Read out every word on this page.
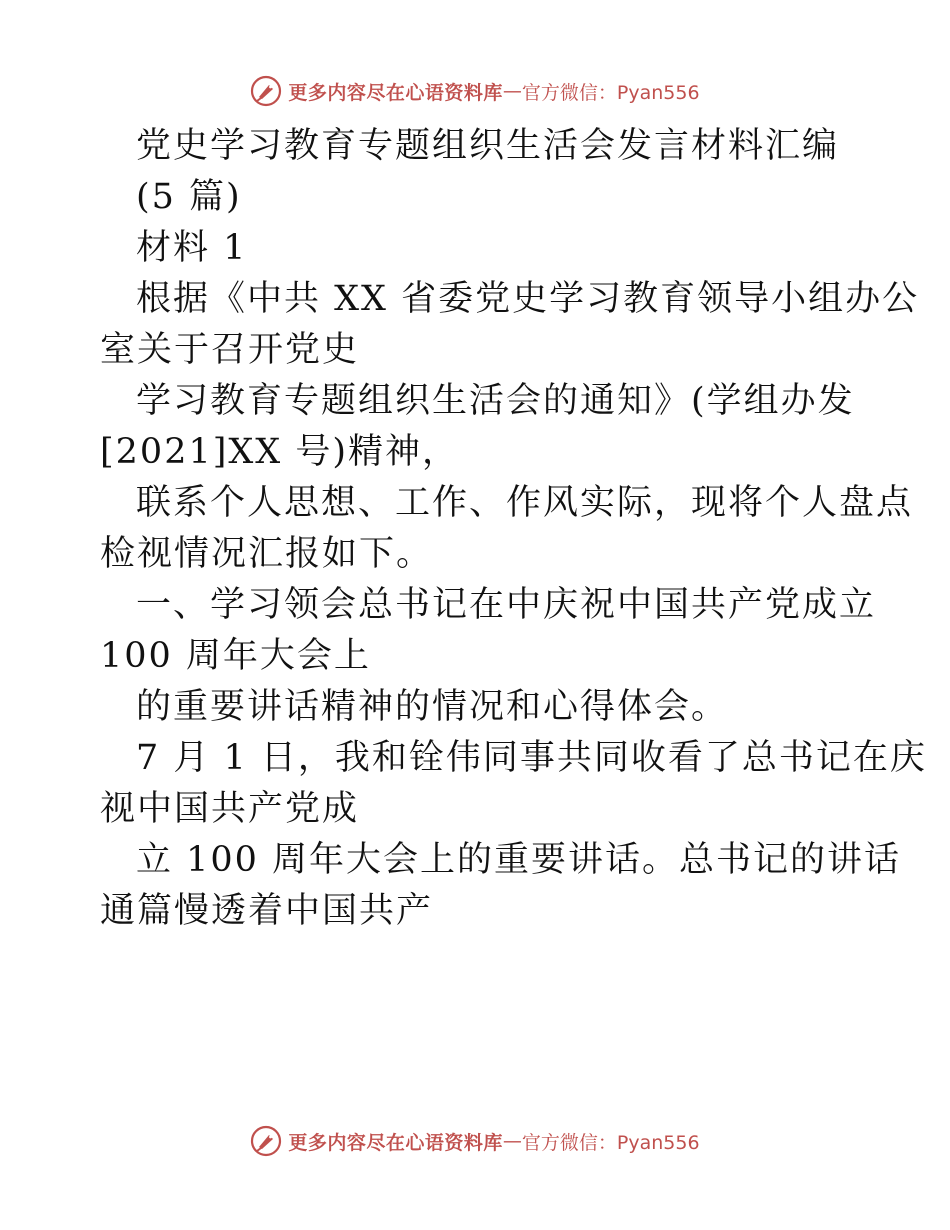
更多内容尽在心语资料库 — 官方微信：Pyan556
党史学习教育专题组织生活会发言材料汇编
(5 篇)
材料 1
根据《中共 XX 省委党史学习教育领导小组办公
室关于召开党史
学习教育专题组织生活会的通知》(学组办发
[2021]XX 号)精神，
联系个人思想、工作、作风实际，现将个人盘点
检视情况汇报如下。
一、学习领会总书记在中庆祝中国共产党成立
100 周年大会上
的重要讲话精神的情况和心得体会。
7 月 1 日，我和铨伟同事共同收看了总书记在庆
视中国共产党成
立 100 周年大会上的重要讲话。总书记的讲话
通篇慢透着中国共产
更多内容尽在心语资料库 — 官方微信：Pyan556
